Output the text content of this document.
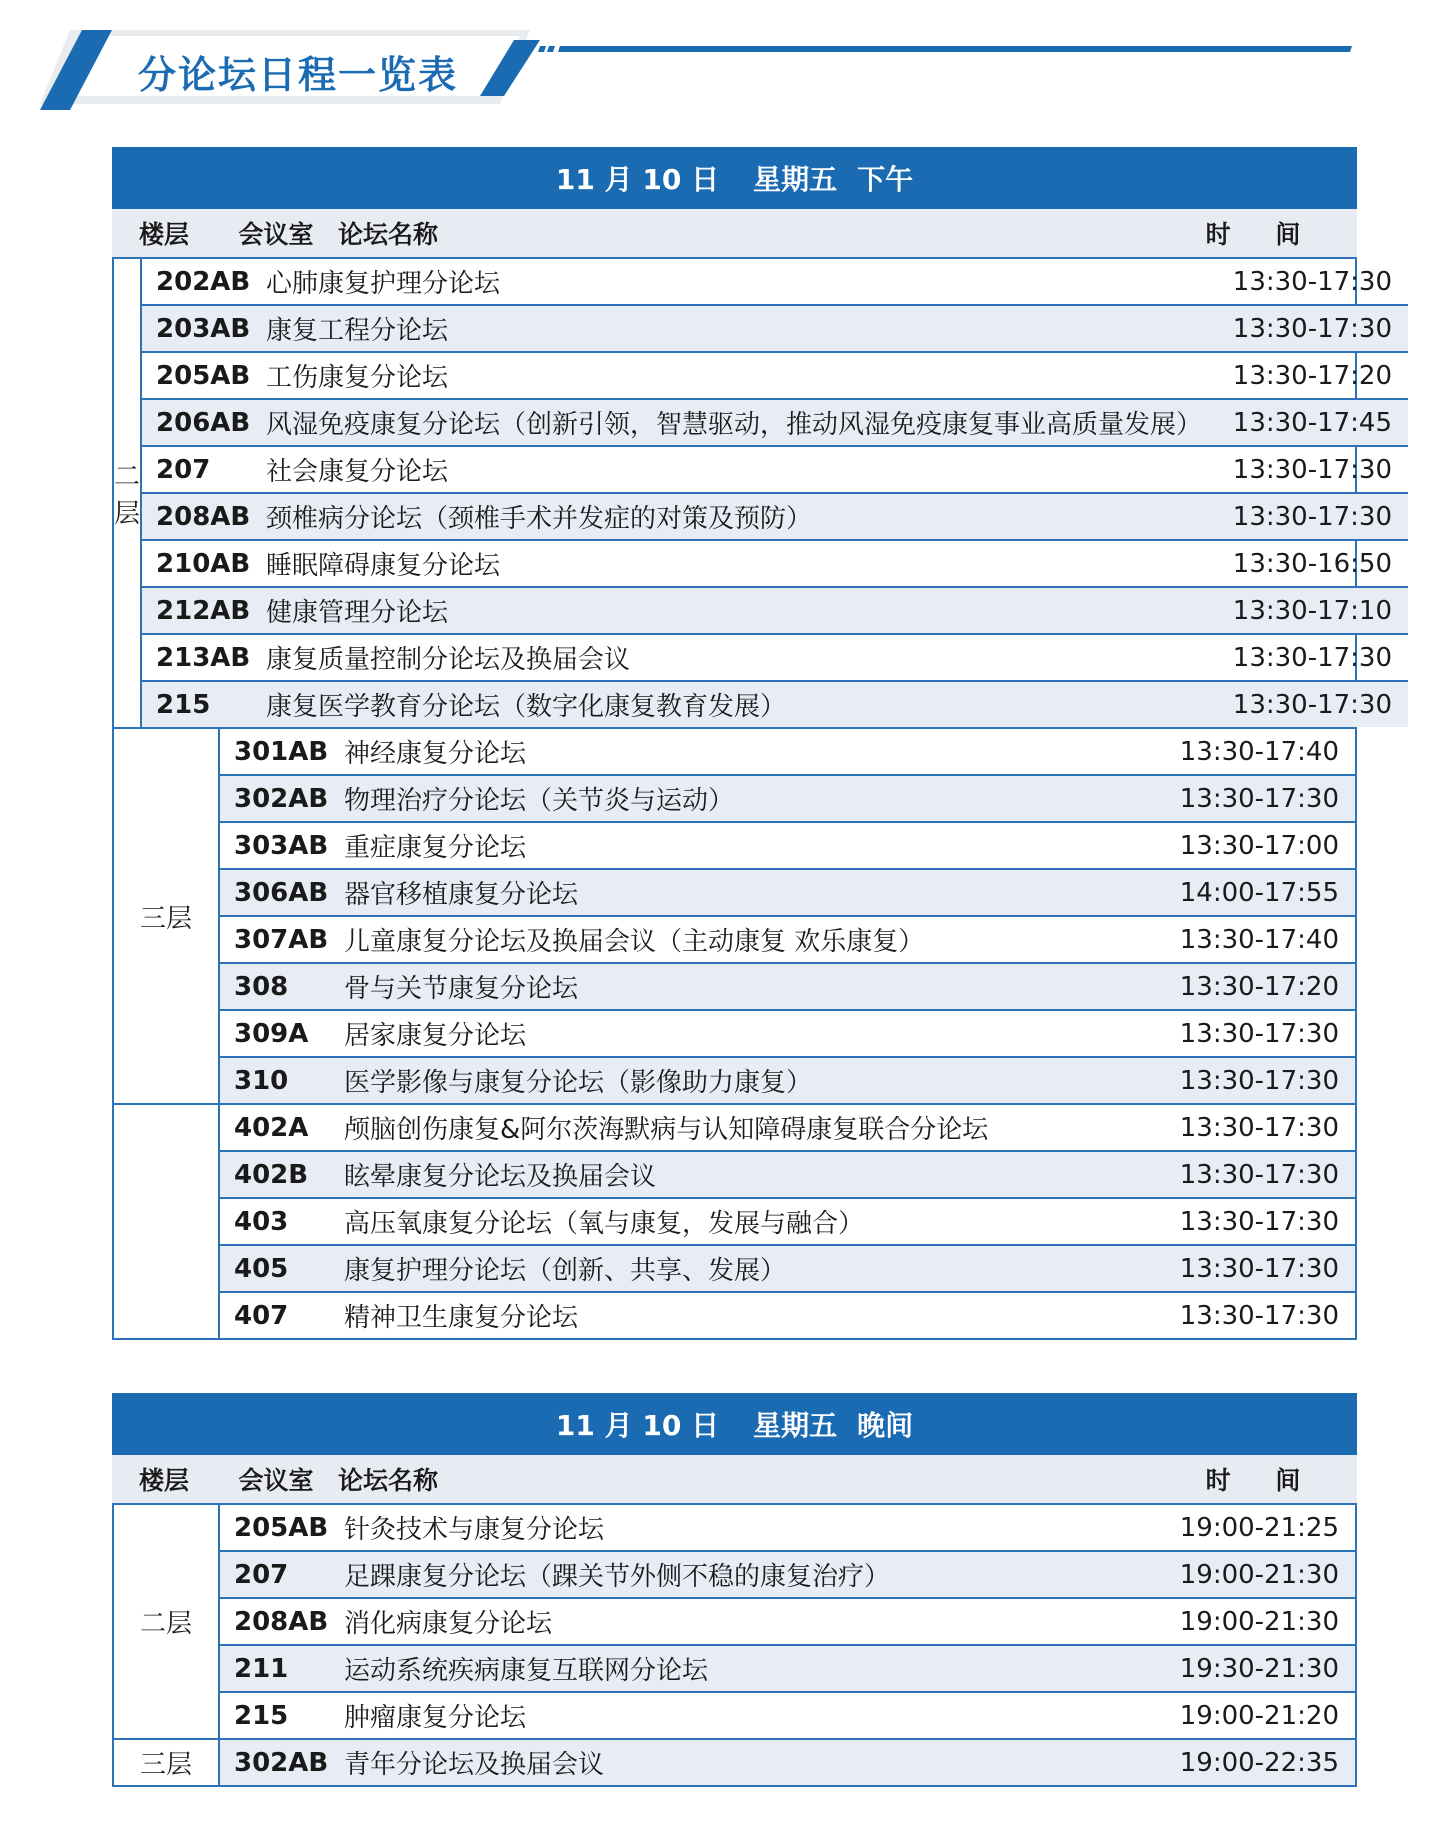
分论坛日程一览表
11 月 10 日 星期五 下午
楼层	会议室 论坛名称	时 间
二层
202AB 心肺康复护理分论坛	13:30-17:30
203AB 康复工程分论坛	13:30-17:30
205AB 工伤康复分论坛	13:30-17:20
206AB 风湿免疫康复分论坛（创新引领，智慧驱动，推动风湿免疫康复事业高质量发展）	13:30-17:45
207	社会康复分论坛	13:30-17:30
208AB 颈椎病分论坛（颈椎手术并发症的对策及预防）	13:30-17:30
210AB 睡眠障碍康复分论坛	13:30-16:50
212AB 健康管理分论坛	13:30-17:10
213AB 康复质量控制分论坛及换届会议	13:30-17:30
215	康复医学教育分论坛（数字化康复教育发展）	13:30-17:30
三层
301AB 神经康复分论坛	13:30-17:40
302AB 物理治疗分论坛（关节炎与运动）	13:30-17:30
303AB 重症康复分论坛	13:30-17:00
306AB 器官移植康复分论坛	14:00-17:55
307AB 儿童康复分论坛及换届会议（主动康复 欢乐康复）	13:30-17:40
308	骨与关节康复分论坛	13:30-17:20
309A	居家康复分论坛	13:30-17:30
310	医学影像与康复分论坛（影像助力康复）	13:30-17:30
402A	颅脑创伤康复&阿尔茨海默病与认知障碍康复联合分论坛	13:30-17:30
402B	眩晕康复分论坛及换届会议	13:30-17:30
403	高压氧康复分论坛（氧与康复，发展与融合）	13:30-17:30
405	康复护理分论坛（创新、共享、发展）	13:30-17:30
407	精神卫生康复分论坛	13:30-17:30
11 月 10 日 星期五 晚间
楼层	会议室 论坛名称	时 间
二层
205AB 针灸技术与康复分论坛	19:00-21:25
207	足踝康复分论坛（踝关节外侧不稳的康复治疗）	19:00-21:30
208AB 消化病康复分论坛	19:00-21:30
211	运动系统疾病康复互联网分论坛	19:30-21:30
215	肿瘤康复分论坛	19:00-21:20
三层	302AB 青年分论坛及换届会议	19:00-22:35
